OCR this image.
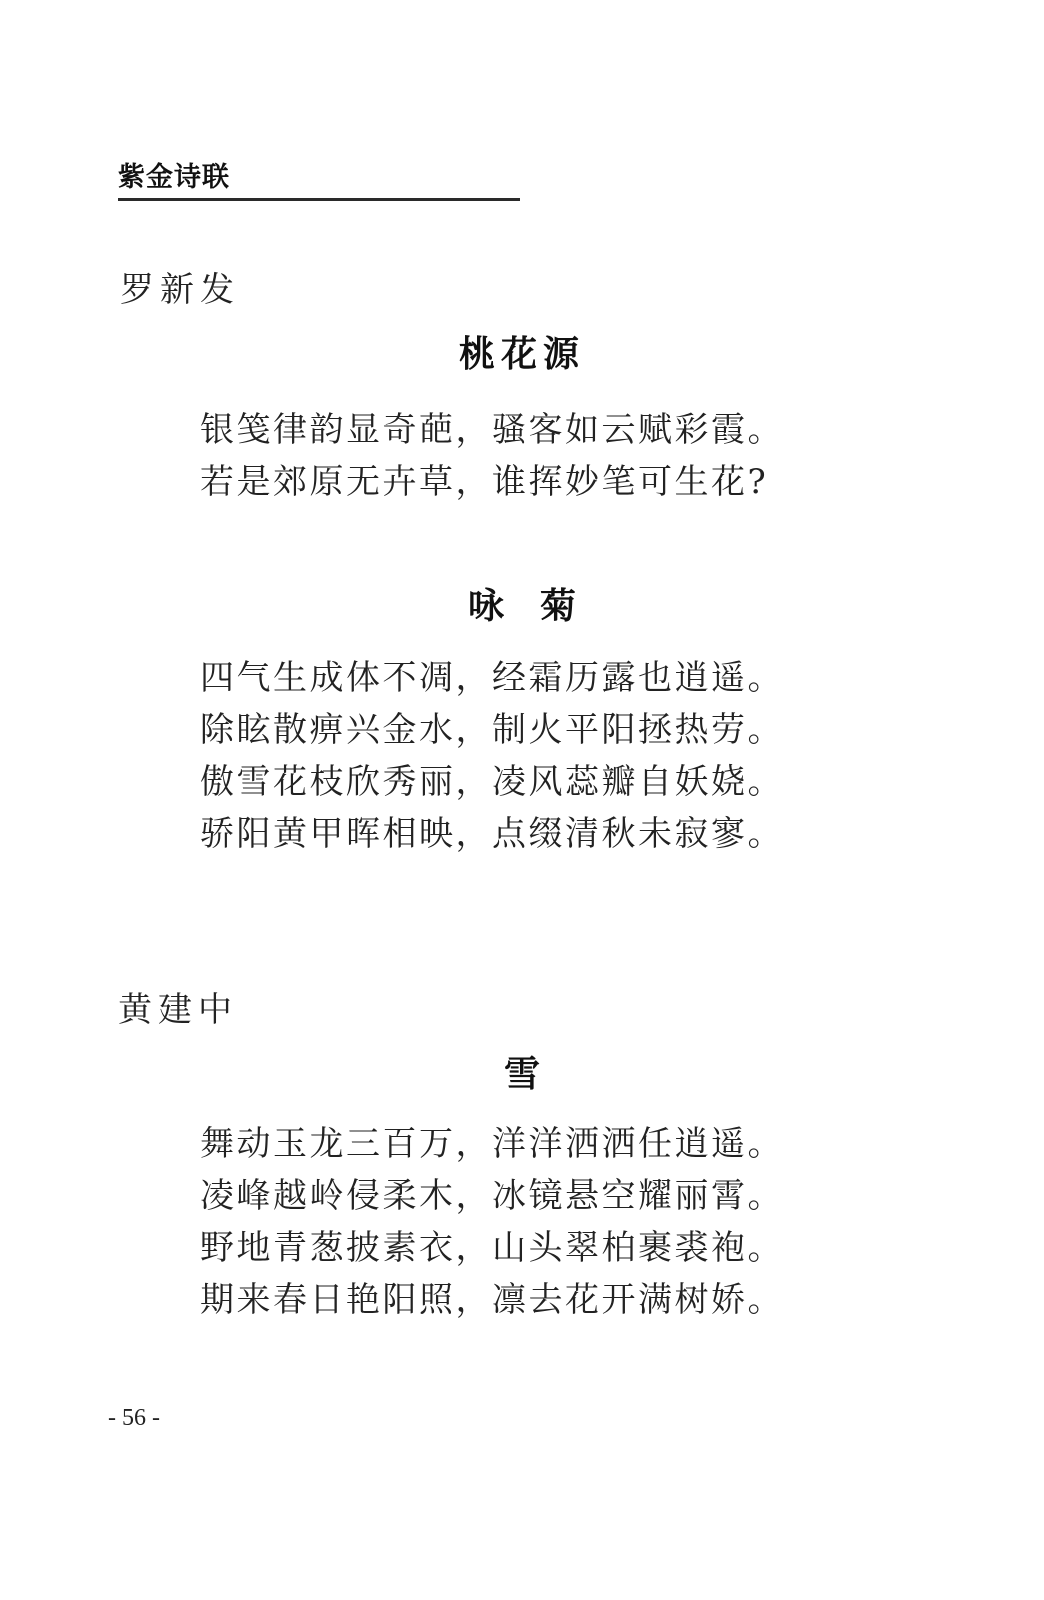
紫金诗联
罗新发
桃花源
银笺律韵显奇葩，骚客如云赋彩霞。
若是郊原无卉草，谁挥妙笔可生花?
咏　菊
四气生成体不凋，经霜历露也逍遥。
除眩散痹兴金水，制火平阳拯热劳。
傲雪花枝欣秀丽，凌风蕊瓣自妖娆。
骄阳黄甲晖相映，点缀清秋未寂寥。
黄建中
雪
舞动玉龙三百万，洋洋洒洒任逍遥。
凌峰越岭侵柔木，冰镜悬空耀丽霄。
野地青葱披素衣，山头翠柏裹裘袍。
期来春日艳阳照，凛去花开满树娇。
- 56 -
